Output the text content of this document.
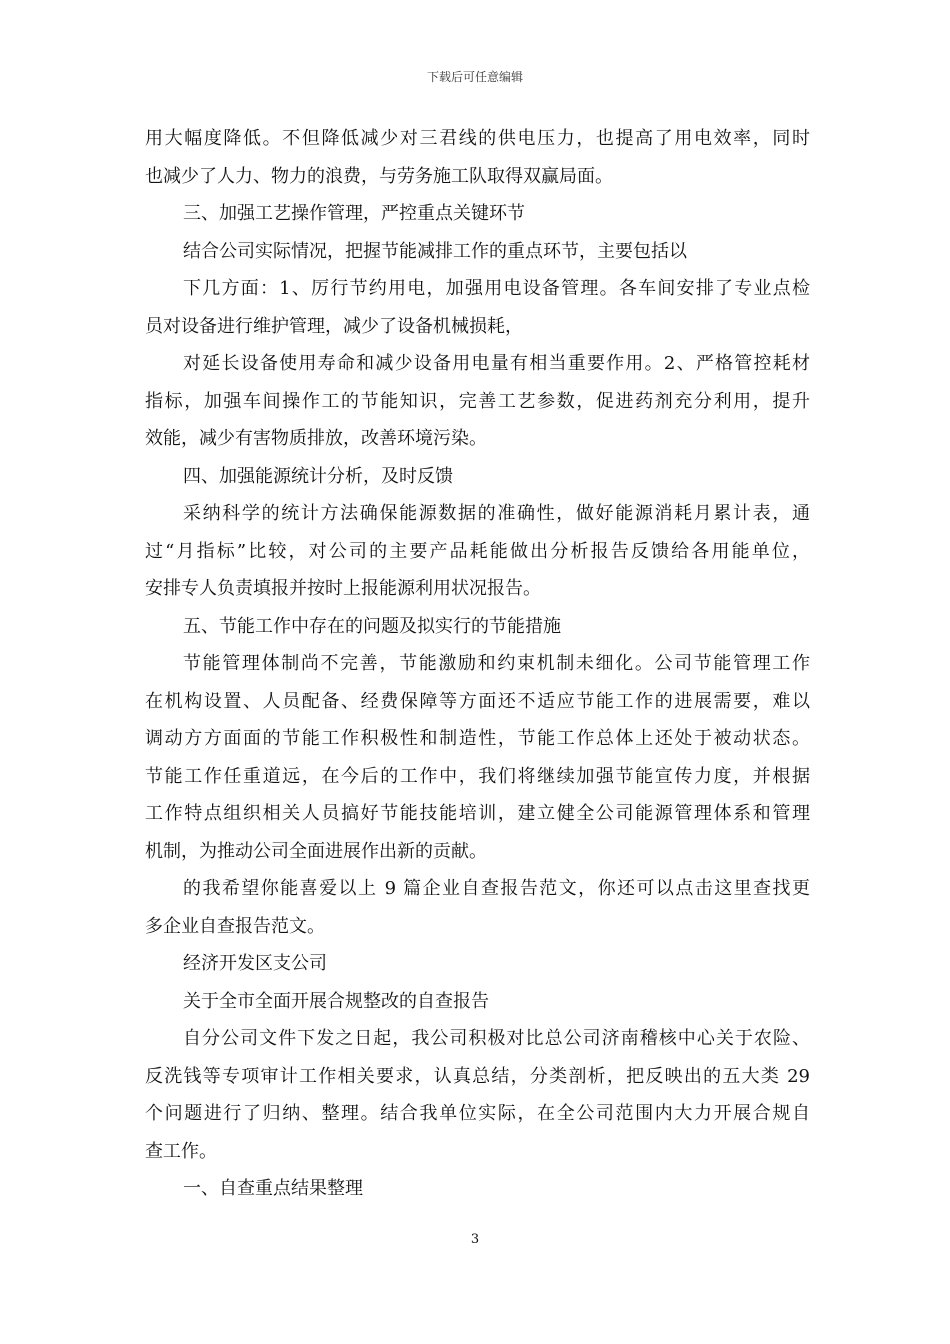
下载后可任意编辑
用大幅度降低。不但降低减少对三君线的供电压力，也提高了用电效率，同时
也减少了人力、物力的浪费，与劳务施工队取得双赢局面。
三、加强工艺操作管理，严控重点关键环节
结合公司实际情况，把握节能减排工作的重点环节，主要包括以
下几方面：1、厉行节约用电，加强用电设备管理。各车间安排了专业点检
员对设备进行维护管理，减少了设备机械损耗，
对延长设备使用寿命和减少设备用电量有相当重要作用。2、严格管控耗材
指标，加强车间操作工的节能知识，完善工艺参数，促进药剂充分利用，提升
效能，减少有害物质排放，改善环境污染。
四、加强能源统计分析，及时反馈
采纳科学的统计方法确保能源数据的准确性，做好能源消耗月累计表，通
过“月指标”比较，对公司的主要产品耗能做出分析报告反馈给各用能单位，
安排专人负责填报并按时上报能源利用状况报告。
五、节能工作中存在的问题及拟实行的节能措施
节能管理体制尚不完善，节能激励和约束机制未细化。公司节能管理工作
在机构设置、人员配备、经费保障等方面还不适应节能工作的进展需要，难以
调动方方面面的节能工作积极性和制造性，节能工作总体上还处于被动状态。
节能工作任重道远，在今后的工作中，我们将继续加强节能宣传力度，并根据
工作特点组织相关人员搞好节能技能培训，建立健全公司能源管理体系和管理
机制，为推动公司全面进展作出新的贡献。
的我希望你能喜爱以上 9 篇企业自查报告范文，你还可以点击这里查找更
多企业自查报告范文。
经济开发区支公司
关于全市全面开展合规整改的自查报告
自分公司文件下发之日起，我公司积极对比总公司济南稽核中心关于农险、
反洗钱等专项审计工作相关要求，认真总结，分类剖析，把反映出的五大类 29
个问题进行了归纳、整理。结合我单位实际，在全公司范围内大力开展合规自
查工作。
一、自查重点结果整理
3
